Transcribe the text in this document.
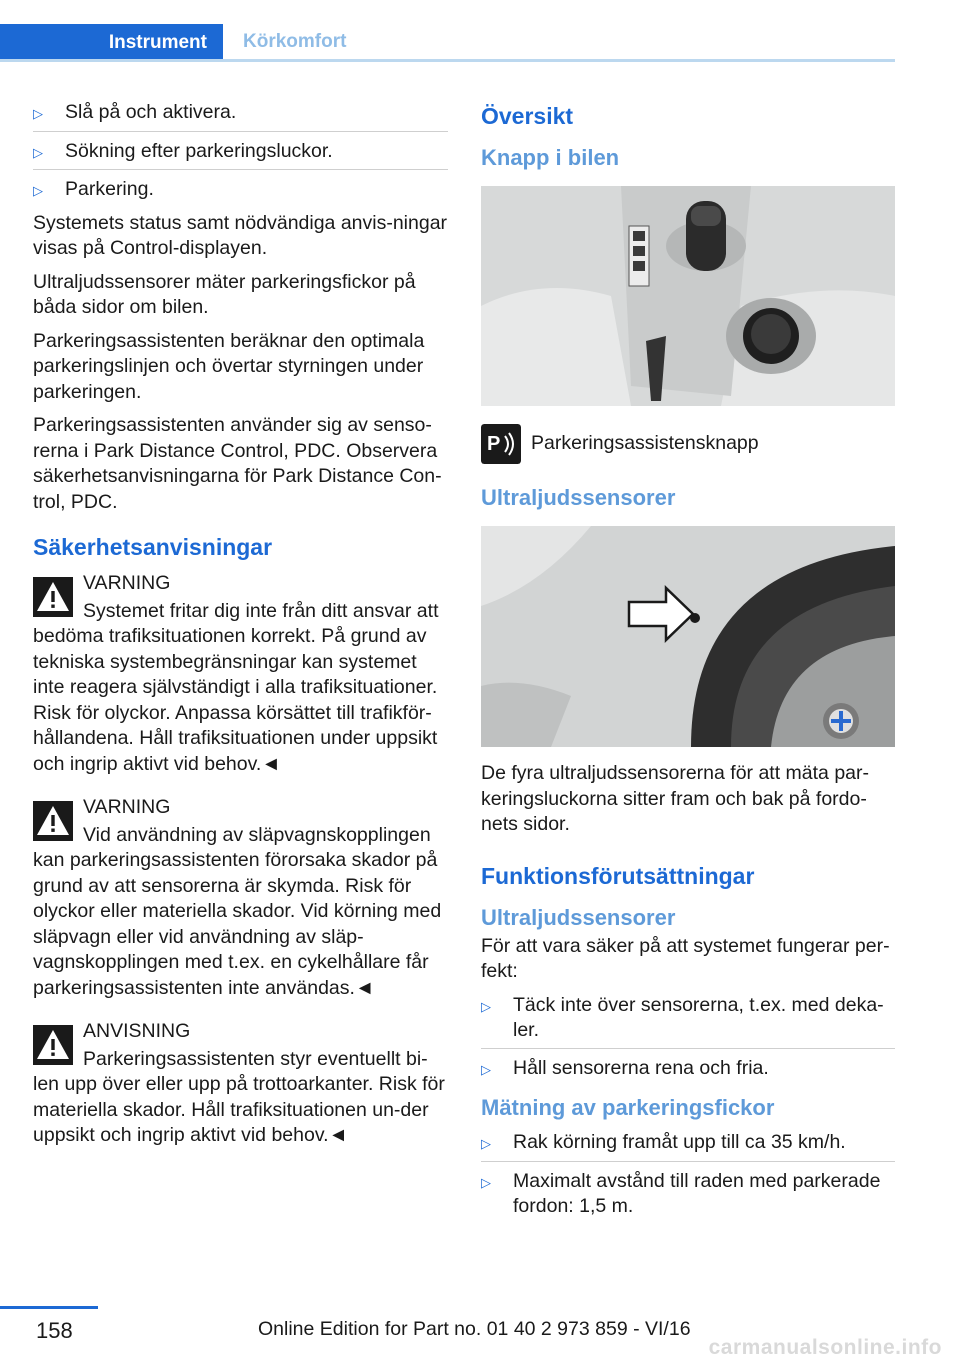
Instrument	Körkomfort
▷	Slå på och aktivera.
▷	Sökning efter parkeringsluckor.
▷	Parkering.

Systemets status samt nödvändiga anvis-ningar visas på Control-displayen.

Ultraljudssensorer mäter parkeringsfickor på båda sidor om bilen.

Parkeringsassistenten beräknar den optimala parkeringslinjen och övertar styrningen under parkeringen.

Parkeringsassistenten använder sig av senso-rerna i Park Distance Control, PDC. Observera säkerhetsanvisningarna för Park Distance Con-trol, PDC.

Säkerhetsanvisningar
VARNING
Systemet fritar dig inte från ditt ansvar att bedöma trafiksituationen korrekt. På grund av tekniska systembegränsningar kan systemet inte reagera självständigt i alla trafiksituationer. Risk för olyckor. Anpassa körsättet till trafikför-hållandena. Håll trafiksituationen under uppsikt och ingrip aktivt vid behov.◄
VARNING
Vid användning av släpvagnskopplingen kan parkeringsassistenten förorsaka skador på grund av att sensorerna är skymda. Risk för olyckor eller materiella skador. Vid körning med släpvagn eller vid användning av släp-vagnskopplingen med t.ex. en cykelhållare får parkeringsassistenten inte användas.◄
ANVISNING
Parkeringsassistenten styr eventuellt bi-len upp över eller upp på trottoarkanter. Risk för materiella skador. Håll trafiksituationen un-der uppsikt och ingrip aktivt vid behov.◄
Översikt
Knapp i bilen
P Parkeringsassistensknapp
Ultraljudssensorer

De fyra ultraljudssensorerna för att mäta par-keringsluckorna sitter fram och bak på fordo-nets sidor.

Funktionsförutsättningar
Ultraljudssensorer

För att vara säker på att systemet fungerar per-fekt:

▷	Täck inte över sensorerna, t.ex. med deka-ler.
▷	Håll sensorerna rena och fria.
Mätning av parkeringsfickor
▷	Rak körning framåt upp till ca 35 km/h.
▷	Maximalt avstånd till raden med parkerade fordon: 1,5 m.
158	Online Edition for Part no. 01 40 2 973 859 - VI/16
carmanualsonline.info
